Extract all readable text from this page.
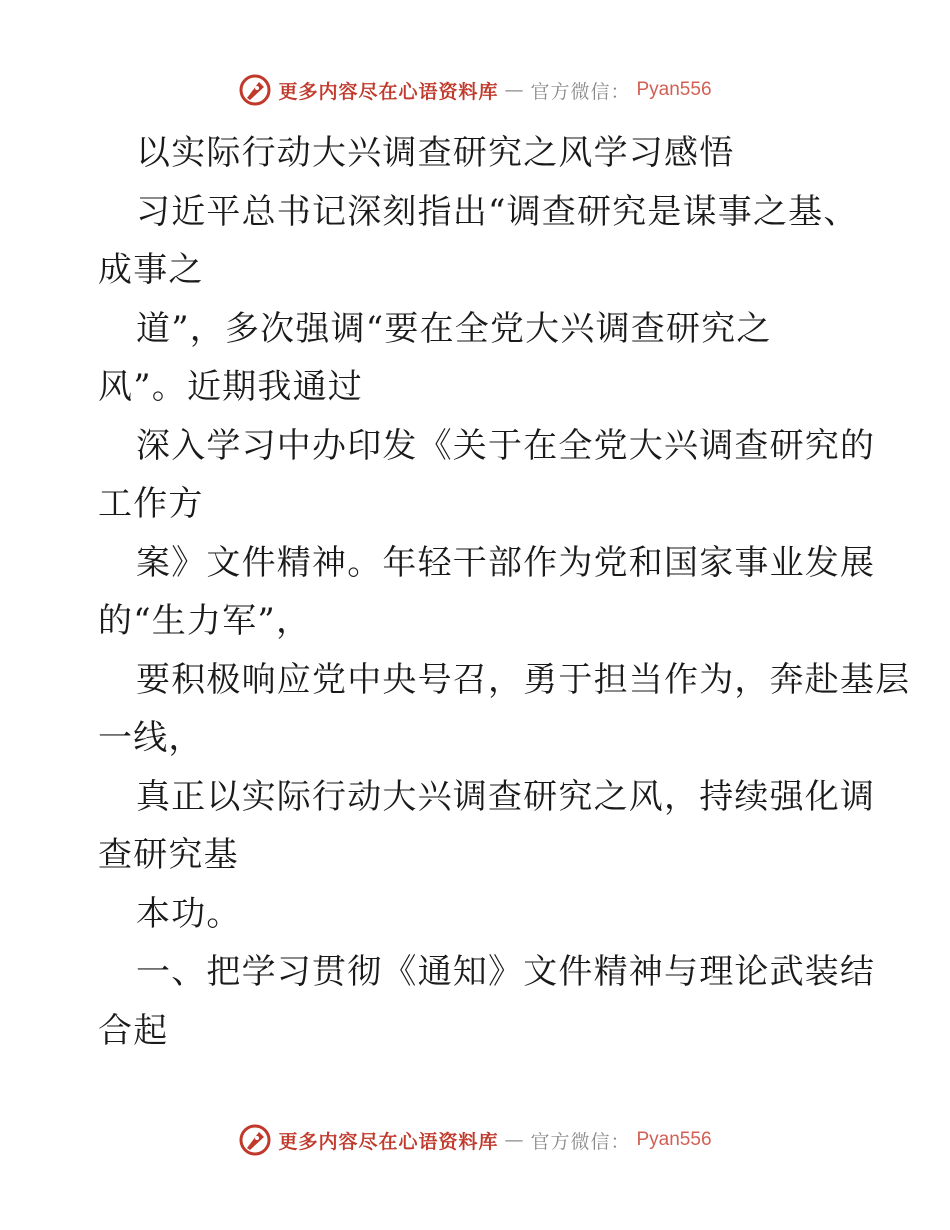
更多内容尽在心语资料库 — 官方微信： Pyan556
以实际行动大兴调查研究之风学习感悟
习近平总书记深刻指出“调查研究是谋事之基、
成事之
道”，多次强调“要在全党大兴调查研究之
风”。近期我通过
深入学习中办印发《关于在全党大兴调查研究的
工作方
案》文件精神。年轻干部作为党和国家事业发展
的“生力军”，
要积极响应党中央号召，勇于担当作为，奔赴基层
一线，
真正以实际行动大兴调查研究之风，持续强化调
查研究基
本功。
一、把学习贯彻《通知》文件精神与理论武装结
合起
更多内容尽在心语资料库 — 官方微信： Pyan556
